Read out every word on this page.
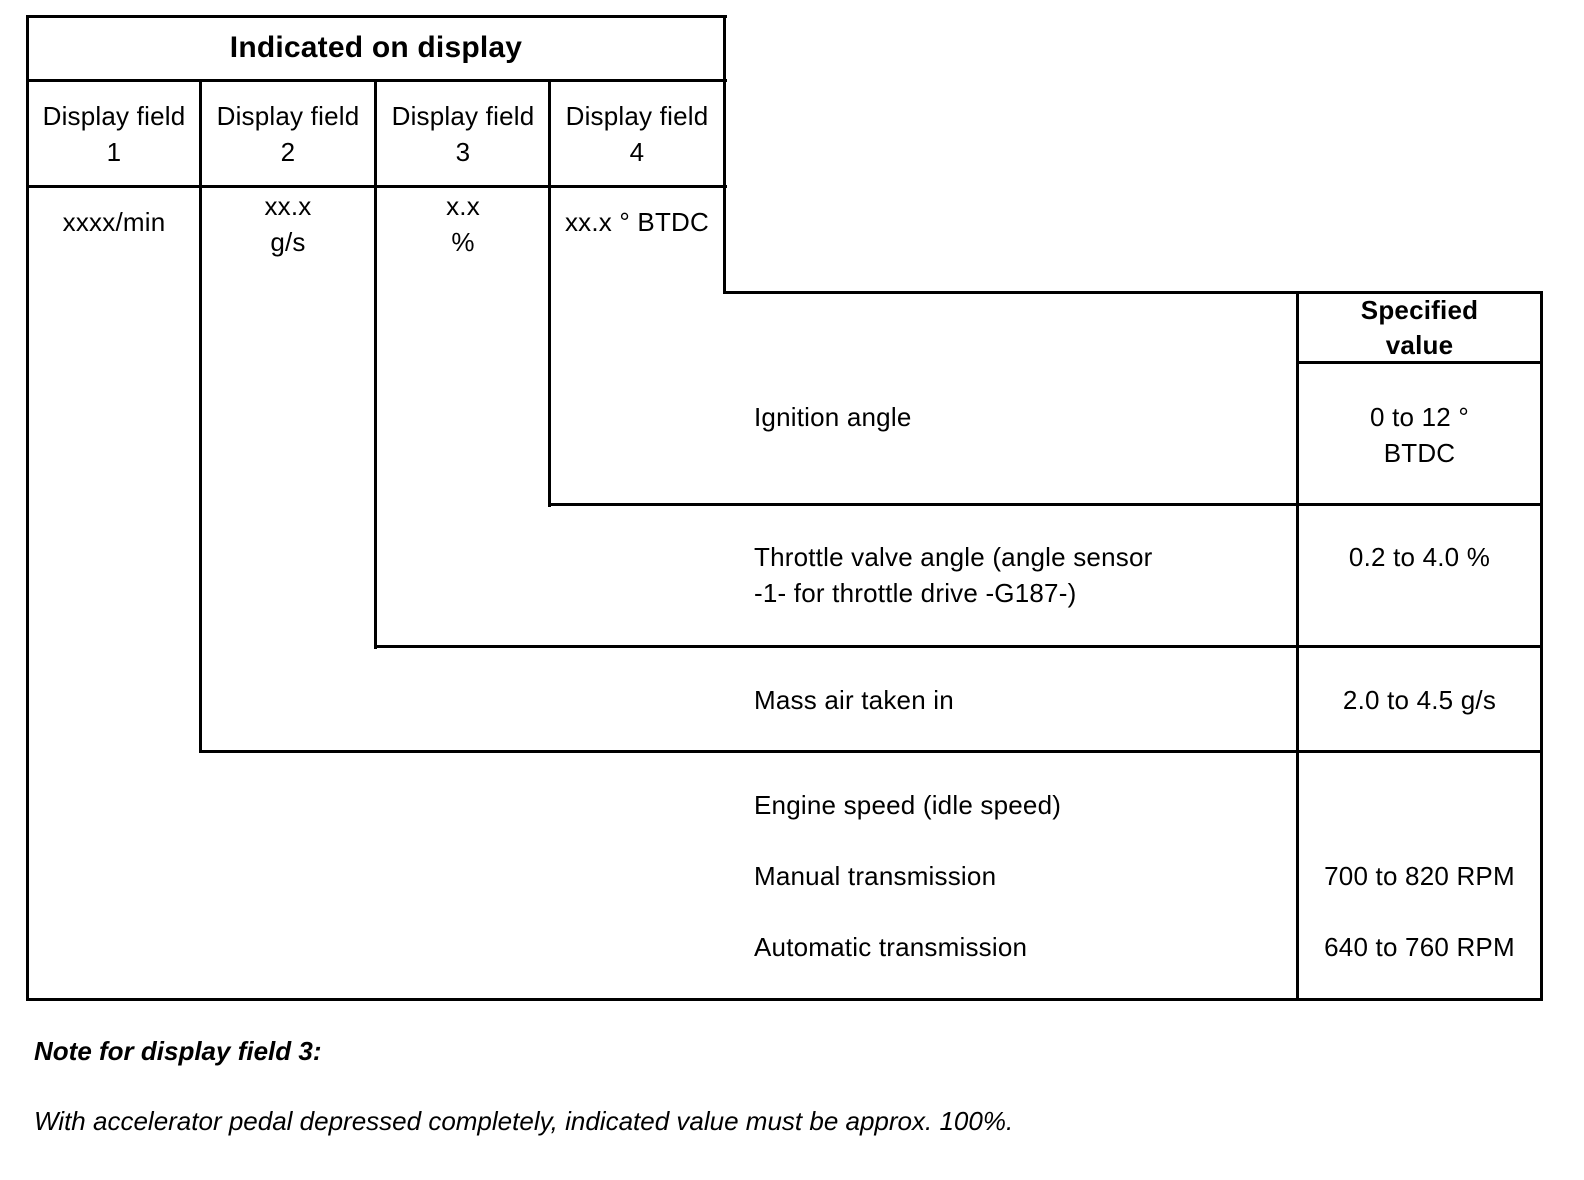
Indicated on display
Display field
1
Display field
2
Display field
3
Display field
4
xxxx/min
xx.x
g/s
x.x
%
xx.x ° BTDC
Specified
value
Ignition angle
Throttle valve angle (angle sensor
-1- for throttle drive -G187-)
Mass air taken in
Engine speed (idle speed)
Manual transmission
Automatic transmission
0 to 12 °
BTDC
0.2 to 4.0 %
2.0 to 4.5 g/s
700 to 820 RPM
640 to 760 RPM
Note for display field 3:
With accelerator pedal depressed completely, indicated value must be approx. 100%.
